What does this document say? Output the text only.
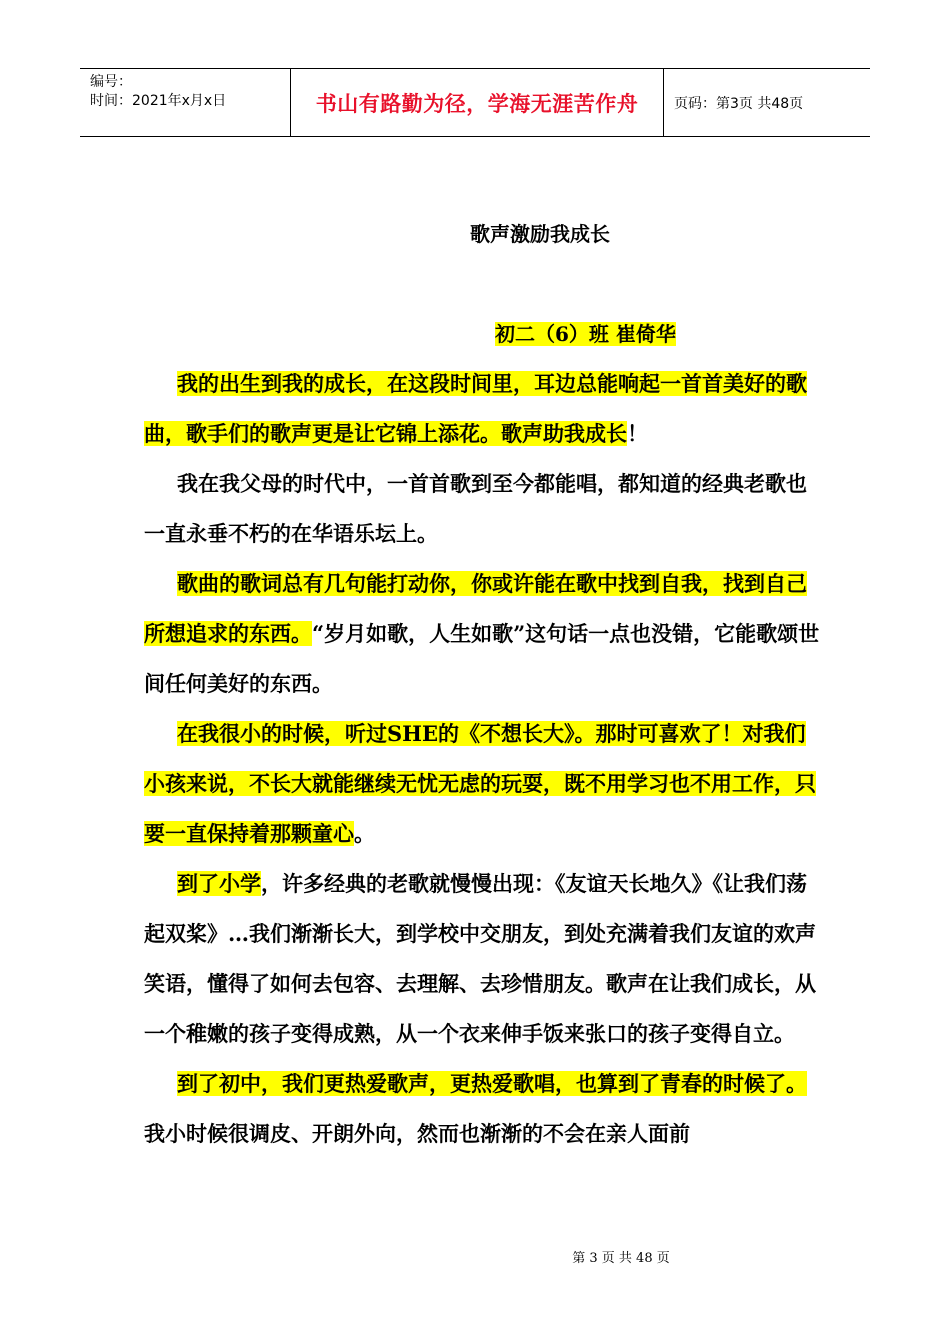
编号：
时间：2021年x月x日	书山有路勤为径，学海无涯苦作舟	页码：第3页 共48页
歌声激励我成长
初二（6）班 崔倚华

我的出生到我的成长，在这段时间里，耳边总能响起一首首美好的歌曲，歌手们的歌声更是让它锦上添花。歌声助我成长！

我在我父母的时代中，一首首歌到至今都能唱，都知道的经典老歌也一直永垂不朽的在华语乐坛上。

歌曲的歌词总有几句能打动你，你或许能在歌中找到自我，找到自己所想追求的东西。“岁月如歌，人生如歌”这句话一点也没错，它能歌颂世间任何美好的东西。

在我很小的时候，听过SHE的《不想长大》。那时可喜欢了！对我们小孩来说，不长大就能继续无忧无虑的玩耍，既不用学习也不用工作，只要一直保持着那颗童心。

到了小学，许多经典的老歌就慢慢出现：《友谊天长地久》《让我们荡起双桨》…我们渐渐长大，到学校中交朋友，到处充满着我们友谊的欢声笑语，懂得了如何去包容、去理解、去珍惜朋友。歌声在让我们成长，从一个稚嫩的孩子变得成熟，从一个衣来伸手饭来张口的孩子变得自立。

到了初中，我们更热爱歌声，更热爱歌唱，也算到了青春的时候了。我小时候很调皮、开朗外向，然而也渐渐的不会在亲人面前

第 3 页 共 48 页
